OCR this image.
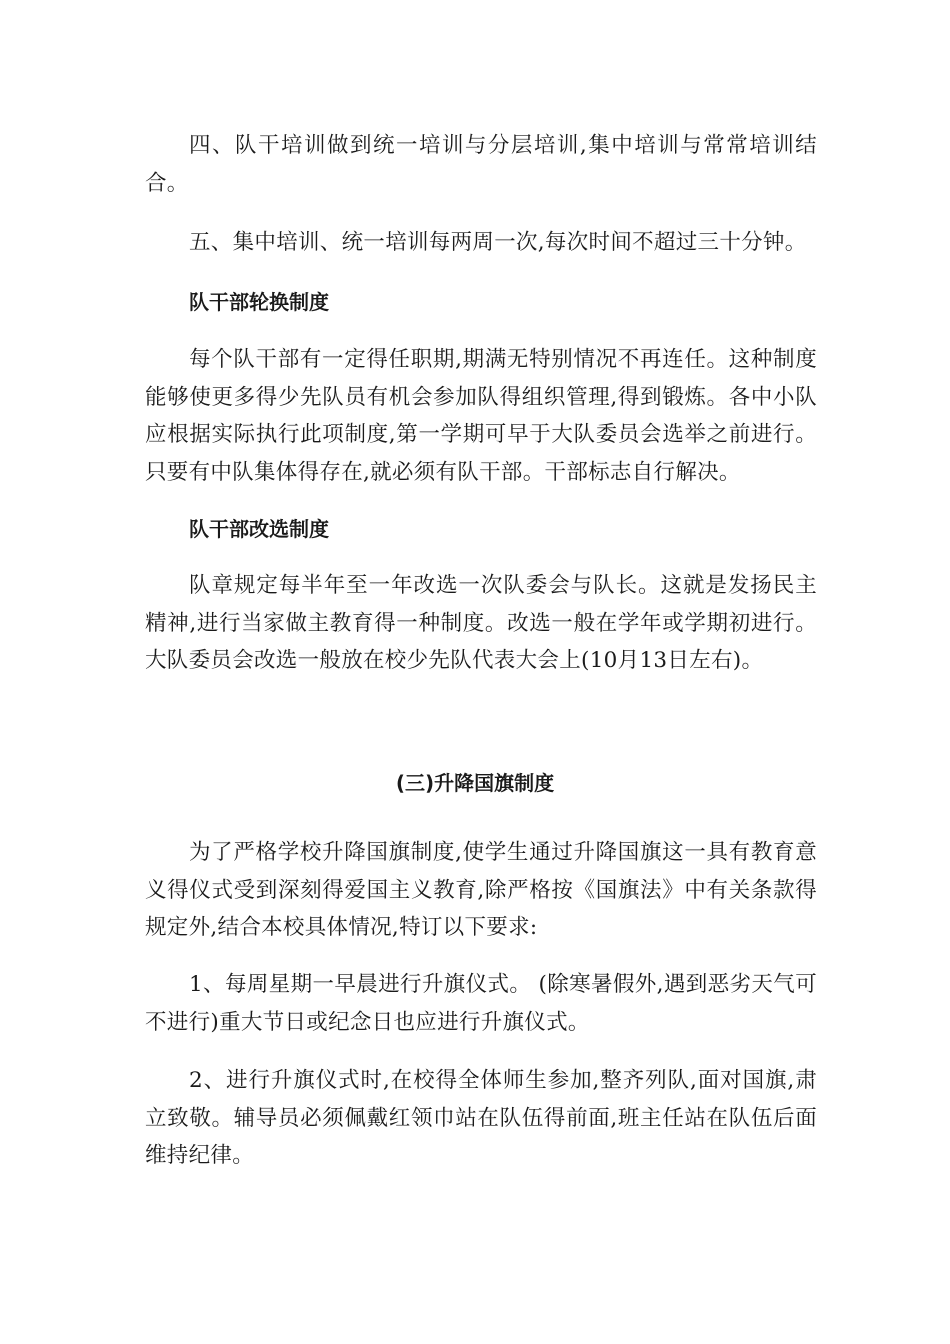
四、队干培训做到统一培训与分层培训,集中培训与常常培训结合。

五、集中培训、统一培训每两周一次,每次时间不超过三十分钟。

队干部轮换制度

每个队干部有一定得任职期,期满无特别情况不再连任。这种制度能够使更多得少先队员有机会参加队得组织管理,得到锻炼。各中小队应根据实际执行此项制度,第一学期可早于大队委员会选举之前进行。只要有中队集体得存在,就必须有队干部。干部标志自行解决。

队干部改选制度

队章规定每半年至一年改选一次队委会与队长。这就是发扬民主精神,进行当家做主教育得一种制度。改选一般在学年或学期初进行。大队委员会改选一般放在校少先队代表大会上(10月13日左右)。

(三)升降国旗制度

为了严格学校升降国旗制度,使学生通过升降国旗这一具有教育意义得仪式受到深刻得爱国主义教育,除严格按《国旗法》中有关条款得规定外,结合本校具体情况,特订以下要求:

1、每周星期一早晨进行升旗仪式。 (除寒暑假外,遇到恶劣天气可不进行)重大节日或纪念日也应进行升旗仪式。

2、进行升旗仪式时,在校得全体师生参加,整齐列队,面对国旗,肃立致敬。辅导员必须佩戴红领巾站在队伍得前面,班主任站在队伍后面维持纪律。
